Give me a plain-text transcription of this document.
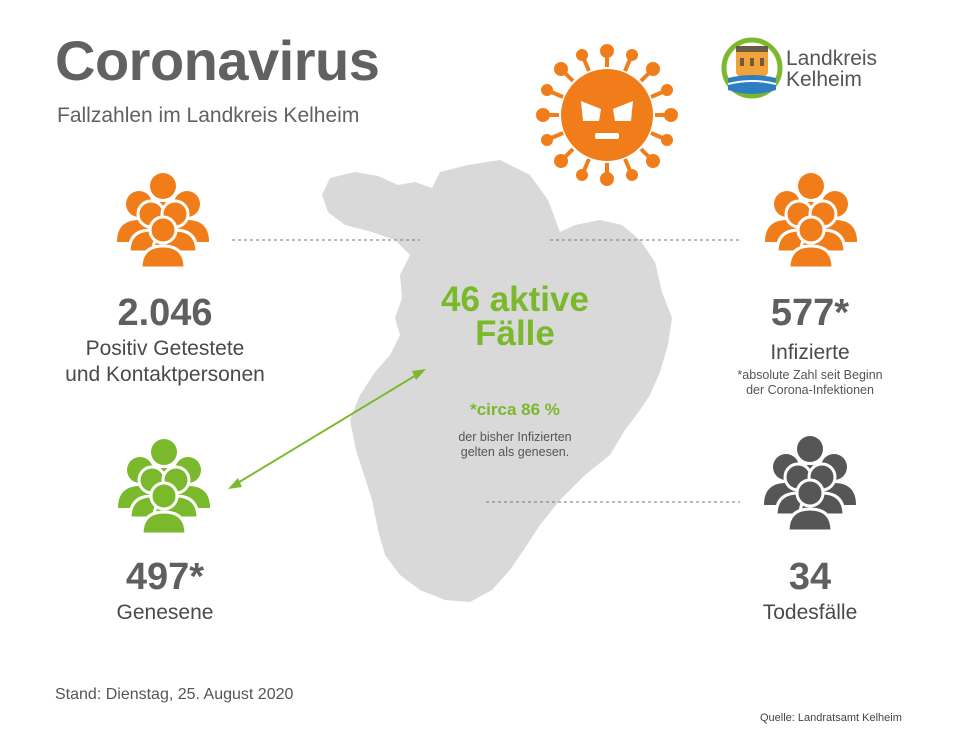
Coronavirus
Fallzahlen im Landkreis Kelheim
Landkreis
Kelheim
2.046
Positiv Getestete
und Kontaktpersonen
577*
Infizierte
*absolute Zahl seit Beginn
der Corona-Infektionen
46 aktive
Fälle
*circa 86 %
der bisher Infizierten
gelten als genesen.
497*
Genesene
34
Todesfälle
Stand: Dienstag, 25. August 2020
Quelle: Landratsamt Kelheim
